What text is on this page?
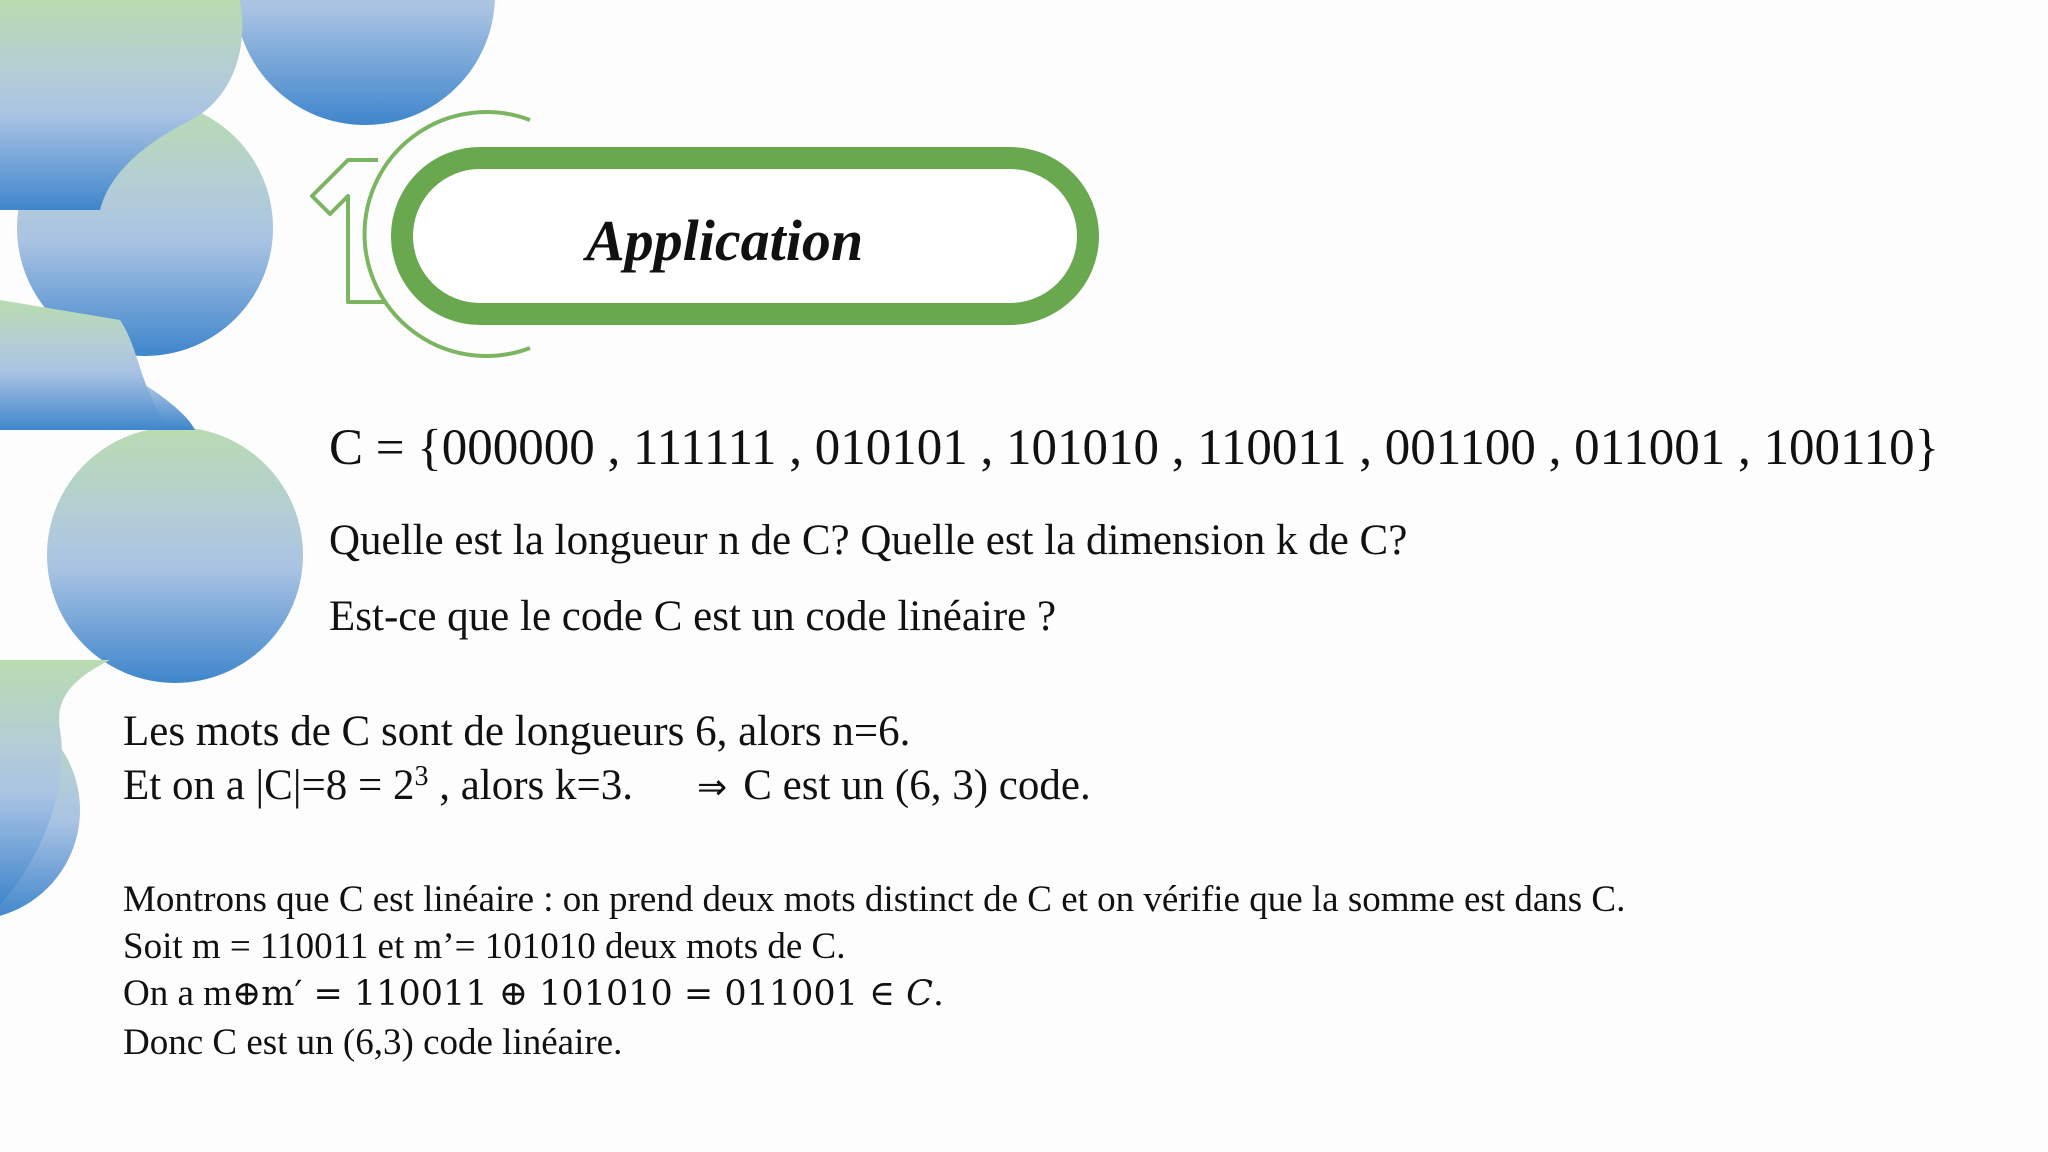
Application
C = {000000 , 111111 , 010101 , 101010 , 110011 , 001100 , 011001 , 100110}
Quelle est la longueur n de C? Quelle est la dimension k de C?
Est-ce que le code C est un code linéaire ?
Les mots de C sont de longueurs 6, alors n=6.
Et on a $|C|=8 = 2^3$ , alors k=3. ⇒ C est un (6, 3) code.
Montrons que C est linéaire : on prend deux mots distinct de C et on vérifie que la somme est dans C.
Soit m = 110011 et m’= 101010 deux mots de C.
On a m⊕m′ = 110011 ⊕ 101010 = 011001 ∈ C.
Donc C est un (6,3) code linéaire.
